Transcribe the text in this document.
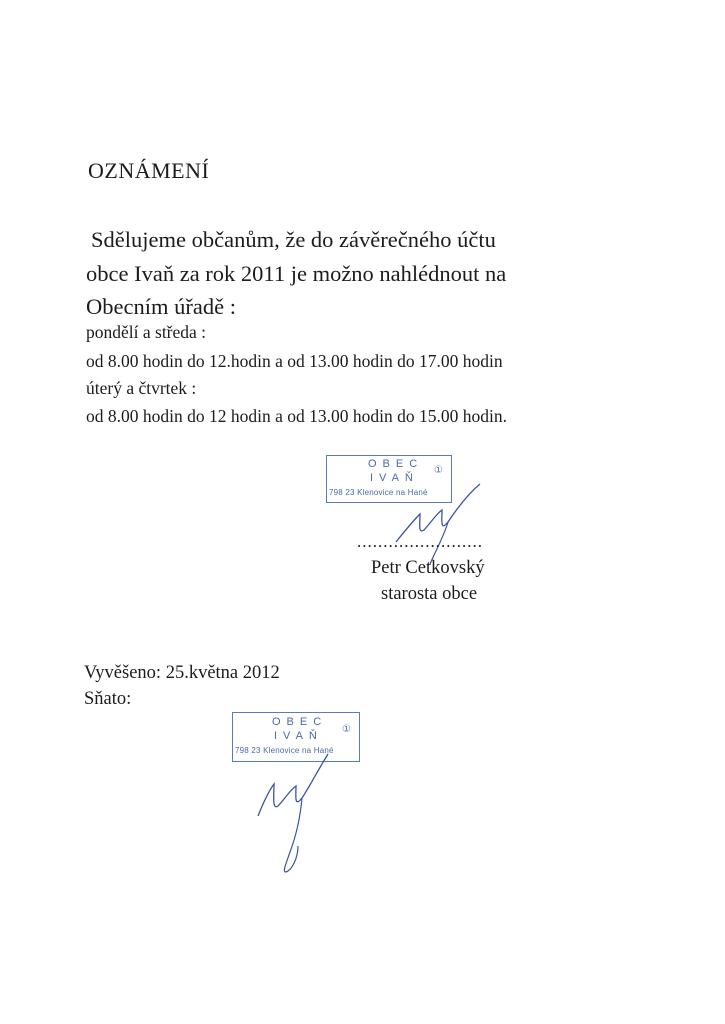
OZNÁMENÍ
Sdělujeme občanům, že do závěrečného účtu
obce Ivaň za rok 2011 je možno nahlédnout na
Obecním úřadě :
pondělí a středa :
od 8.00 hodin do 12.hodin a od 13.00 hodin do 17.00 hodin
úterý a čtvrtek :
od 8.00 hodin do 12 hodin a od 13.00 hodin do 15.00 hodin.
OBEC
IVAŇ
798 23 Klenovice na Hané
①
........................
Petr Cetkovský
starosta obce
Vyvěšeno: 25.května 2012
Sňato:
OBEC
IVAŇ
798 23 Klenovice na Hané
①
